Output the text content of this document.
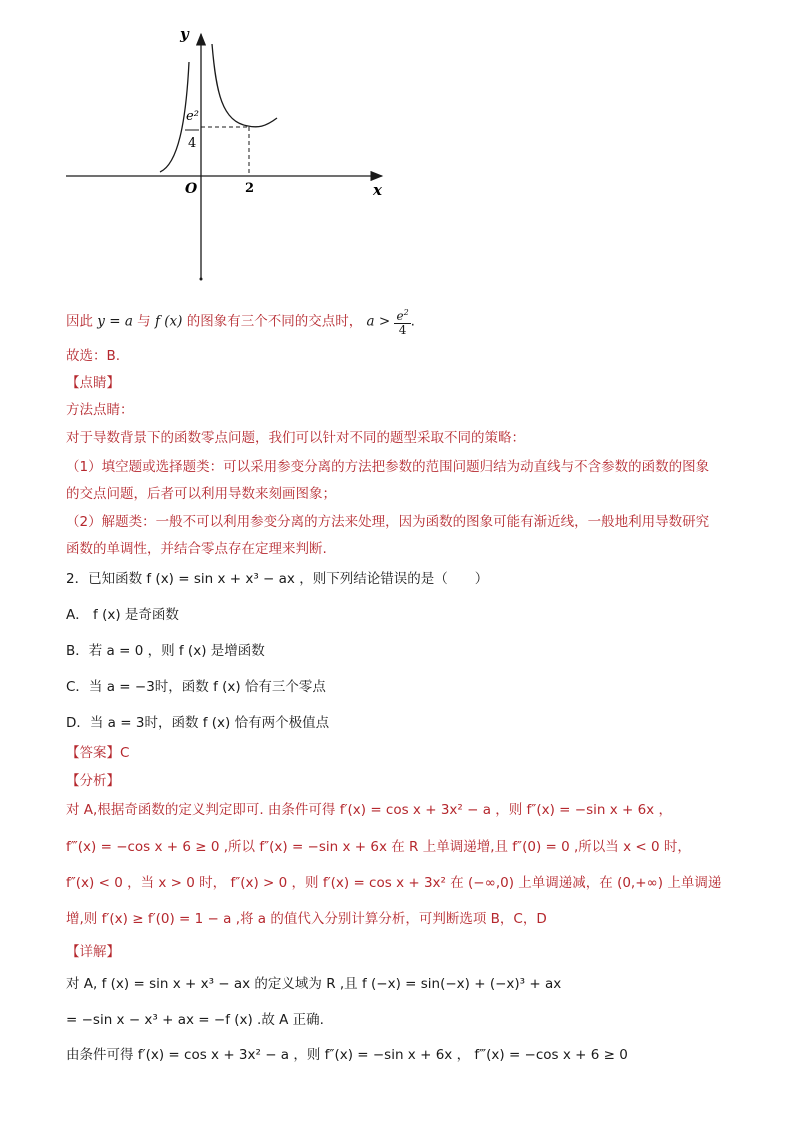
y
x
O	2
e²
4
因此 y = a 与 f (x) 的图象有三个不同的交点时， $a > \frac{e^2}{4}$ .
故选：B.
【点睛】
方法点睛：
对于导数背景下的函数零点问题，我们可以针对不同的题型采取不同的策略：
（1）填空题或选择题类：可以采用参变分离的方法把参数的范围问题归结为动直线与不含参数的函数的图象
的交点问题，后者可以利用导数来刻画图象；
（2）解题类：一般不可以利用参变分离的方法来处理，因为函数的图象可能有渐近线，一般地利用导数研究
函数的单调性，并结合零点存在定理来判断.
2．已知函数 f (x) = sin x + x³ − ax ，则下列结论错误的是（　　）
A． f (x) 是奇函数
B．若 a = 0 ，则 f (x) 是增函数
C．当 a = −3时，函数 f (x) 恰有三个零点
D．当 a = 3时，函数 f (x) 恰有两个极值点
【答案】C
【分析】
对 A,根据奇函数的定义判定即可. 由条件可得 f′(x) = cos x + 3x² − a ，则 f″(x) = −sin x + 6x ，
f‴(x) = −cos x + 6 ≥ 0 ,所以 f″(x) = −sin x + 6x 在 R 上单调递增,且 f″(0) = 0 ,所以当 x < 0 时，
f″(x) < 0 ，当 x > 0 时， f″(x) > 0 ，则 f′(x) = cos x + 3x² 在 (−∞,0) 上单调递减，在 (0,+∞) 上单调递
增,则 f′(x) ≥ f′(0) = 1 − a ,将 a 的值代入分别计算分析，可判断选项 B，C，D
【详解】
对 A, f (x) = sin x + x³ − ax 的定义域为 R ,且 f (−x) = sin(−x) + (−x)³ + ax
= −sin x − x³ + ax = −f (x) .故 A 正确.
由条件可得 f′(x) = cos x + 3x² − a ，则 f″(x) = −sin x + 6x ， f‴(x) = −cos x + 6 ≥ 0
